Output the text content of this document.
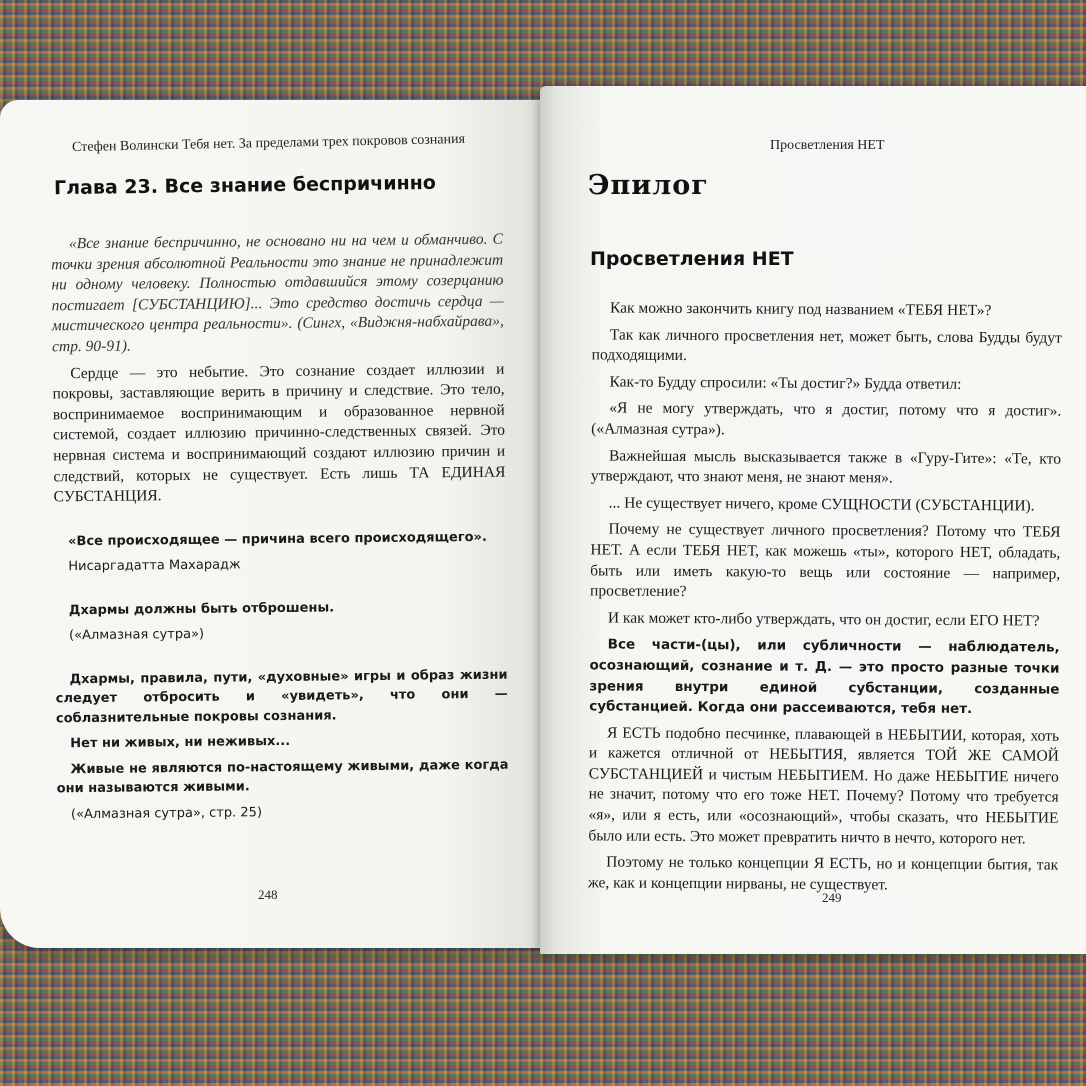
Стефен Волински Тебя нет. За пределами трех покровов сознания	Просветления НЕТ
Глава 23. Все знание беспричинно

«Все знание беспричинно, не основано ни на чем и обманчиво. С точки зрения абсолютной Реальности это знание не принадлежит ни одному человеку. Полностью отдавшийся этому созерцанию постигает [СУБСТАНЦИЮ]... Это средство достичь сердца — мистического центра реальности». (Сингх, «Виджня-набхайрава», стр. 90-91).

Сердце — это небытие. Это сознание создает иллюзии и покровы, заставляющие верить в причину и следствие. Это тело, воспринимаемое воспринимающим и образованное нервной системой, создает иллюзию причинно-следственных связей. Это нервная система и воспринимающий создают иллюзию причин и следствий, которых не существует. Есть лишь ТА ЕДИНАЯ СУБСТАНЦИЯ.

«Все происходящее — причина всего происходящего».

Нисаргадатта Махарадж

Дхармы должны быть отброшены.

(«Алмазная сутра»)

Дхармы, правила, пути, «духовные» игры и образ жизни следует отбросить и «увидеть», что они — соблазнительные покровы сознания.

Нет ни живых, ни неживых...

Живые не являются по-настоящему живыми, даже когда они называются живыми.

(«Алмазная сутра», стр. 25)

Эпилог
Просветления НЕТ

Как можно закончить книгу под названием «ТЕБЯ НЕТ»?

Так как личного просветления нет, может быть, слова Будды будут подходящими.

Как-то Будду спросили: «Ты достиг?» Будда ответил:

«Я не могу утверждать, что я достиг, потому что я достиг». («Алмазная сутра»).

Важнейшая мысль высказывается также в «Гуру-Гите»: «Те, кто утверждают, что знают меня, не знают меня».

... Не существует ничего, кроме СУЩНОСТИ (СУБСТАНЦИИ).

Почему не существует личного просветления? Потому что ТЕБЯ НЕТ. А если ТЕБЯ НЕТ, как можешь «ты», которого НЕТ, обладать, быть или иметь какую-то вещь или состояние — например, просветление?

И как может кто-либо утверждать, что он достиг, если ЕГО НЕТ?

Все части-(цы), или субличности — наблюдатель, осознающий, сознание и т. Д. — это просто разные точки зрения внутри единой субстанции, созданные субстанцией. Когда они рассеиваются, тебя нет.

Я ЕСТЬ подобно песчинке, плавающей в НЕБЫТИИ, которая, хоть и кажется отличной от НЕБЫТИЯ, является ТОЙ ЖЕ САМОЙ СУБСТАНЦИЕЙ и чистым НЕБЫТИЕМ. Но даже НЕБЫТИЕ ничего не значит, потому что его тоже НЕТ. Почему? Потому что требуется «я», или я есть, или «осознающий», чтобы сказать, что НЕБЫТИЕ было или есть. Это может превратить ничто в нечто, которого нет.

Поэтому не только концепции Я ЕСТЬ, но и концепции бытия, так же, как и концепции нирваны, не существует.

248	249
